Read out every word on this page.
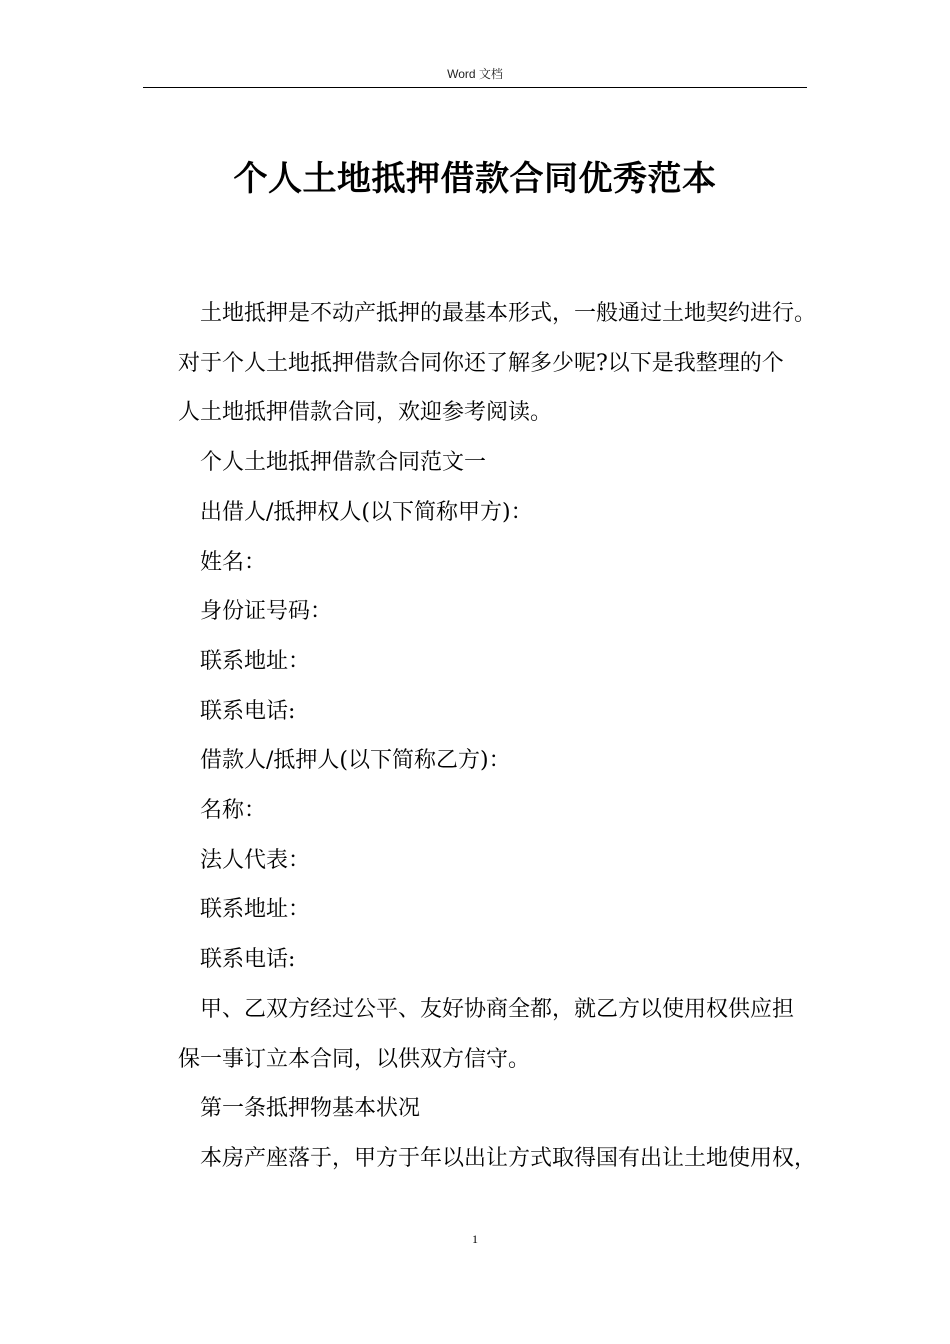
Word 文档
个人土地抵押借款合同优秀范本

土地抵押是不动产抵押的最基本形式，一般通过土地契约进行。

对于个人土地抵押借款合同你还了解多少呢?以下是我整理的个

人土地抵押借款合同，欢迎参考阅读。

个人土地抵押借款合同范文一

出借人/抵押权人(以下简称甲方)：

姓名：

身份证号码：

联系地址：

联系电话:

借款人/抵押人(以下简称乙方)：

名称：

法人代表：

联系地址：

联系电话:

甲、乙双方经过公平、友好协商全都，就乙方以使用权供应担

保一事订立本合同，以供双方信守。

第一条抵押物基本状况

本房产座落于，甲方于年以出让方式取得国有出让土地使用权，

1
